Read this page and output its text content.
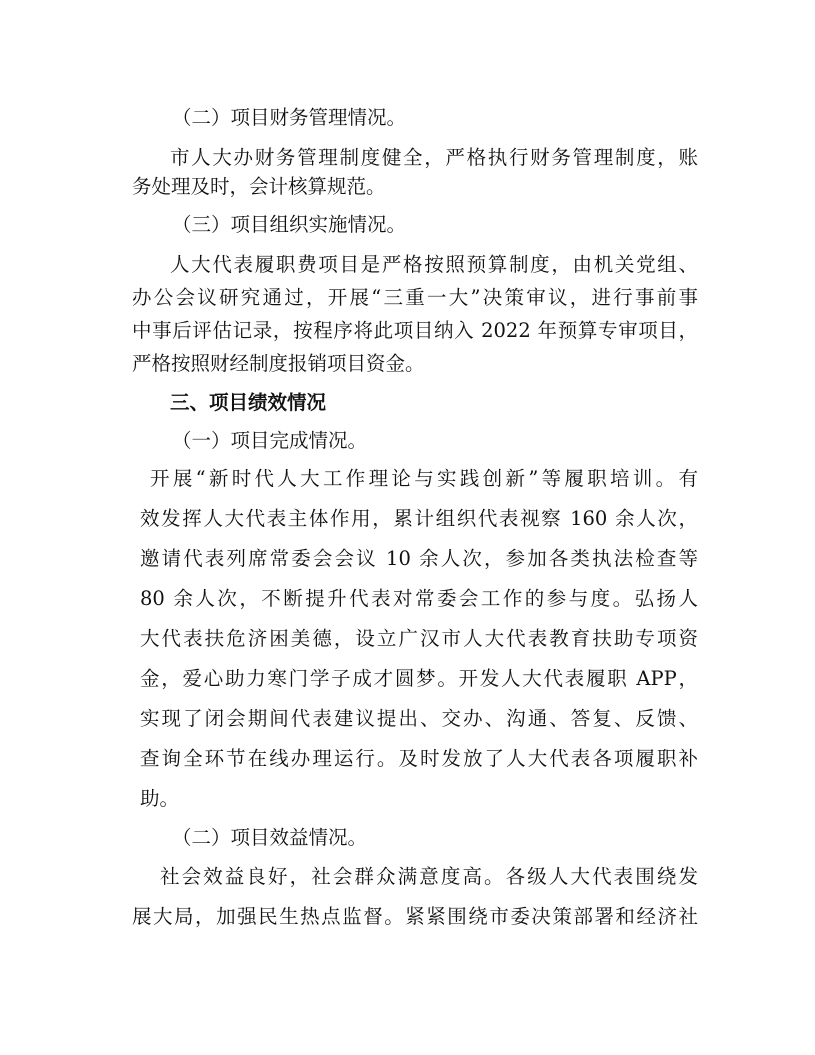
（二）项目财务管理情况。
市人大办财务管理制度健全，严格执行财务管理制度，账
务处理及时，会计核算规范。
（三）项目组织实施情况。
人大代表履职费项目是严格按照预算制度，由机关党组、
办公会议研究通过，开展“三重一大”决策审议，进行事前事
中事后评估记录，按程序将此项目纳入 2022 年预算专审项目，
严格按照财经制度报销项目资金。
三、项目绩效情况
（一）项目完成情况。
开展“新时代人大工作理论与实践创新”等履职培训。有
效发挥人大代表主体作用，累计组织代表视察 160 余人次，
邀请代表列席常委会会议 10 余人次，参加各类执法检查等
80 余人次，不断提升代表对常委会工作的参与度。弘扬人
大代表扶危济困美德，设立广汉市人大代表教育扶助专项资
金，爱心助力寒门学子成才圆梦。开发人大代表履职 APP，
实现了闭会期间代表建议提出、交办、沟通、答复、反馈、
查询全环节在线办理运行。及时发放了人大代表各项履职补
助。
（二）项目效益情况。
社会效益良好，社会群众满意度高。各级人大代表围绕发
展大局，加强民生热点监督。紧紧围绕市委决策部署和经济社
